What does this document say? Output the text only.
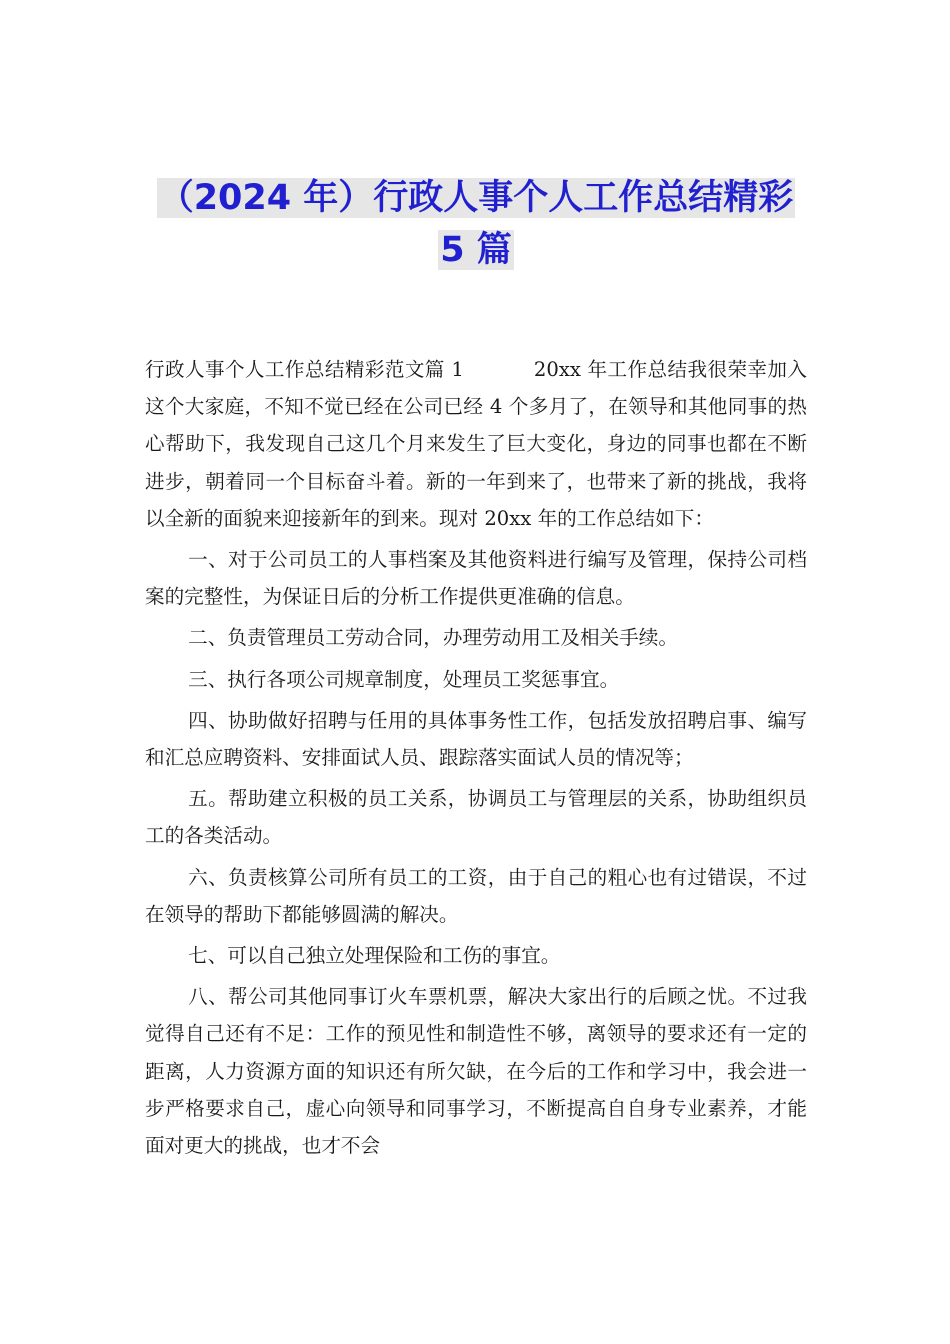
（2024 年）行政人事个人工作总结精彩
5 篇

行政人事个人工作总结精彩范文篇 1	20xx 年工作总结我很荣幸加入这个大家庭，不知不觉已经在公司已经 4 个多月了，在领导和其他同事的热心帮助下，我发现自己这几个月来发生了巨大变化，身边的同事也都在不断进步，朝着同一个目标奋斗着。新的一年到来了，也带来了新的挑战，我将以全新的面貌来迎接新年的到来。现对 20xx 年的工作总结如下：

一、对于公司员工的人事档案及其他资料进行编写及管理，保持公司档案的完整性，为保证日后的分析工作提供更准确的信息。

二、负责管理员工劳动合同，办理劳动用工及相关手续。

三、执行各项公司规章制度，处理员工奖惩事宜。

四、协助做好招聘与任用的具体事务性工作，包括发放招聘启事、编写和汇总应聘资料、安排面试人员、跟踪落实面试人员的情况等；

五。帮助建立积极的员工关系，协调员工与管理层的关系，协助组织员工的各类活动。

六、负责核算公司所有员工的工资，由于自己的粗心也有过错误，不过在领导的帮助下都能够圆满的解决。

七、可以自己独立处理保险和工伤的事宜。

八、帮公司其他同事订火车票机票，解决大家出行的后顾之忧。不过我觉得自己还有不足：工作的预见性和制造性不够，离领导的要求还有一定的距离，人力资源方面的知识还有所欠缺，在今后的工作和学习中，我会进一步严格要求自己，虚心向领导和同事学习，不断提高自自身专业素养，才能面对更大的挑战，也才不会
